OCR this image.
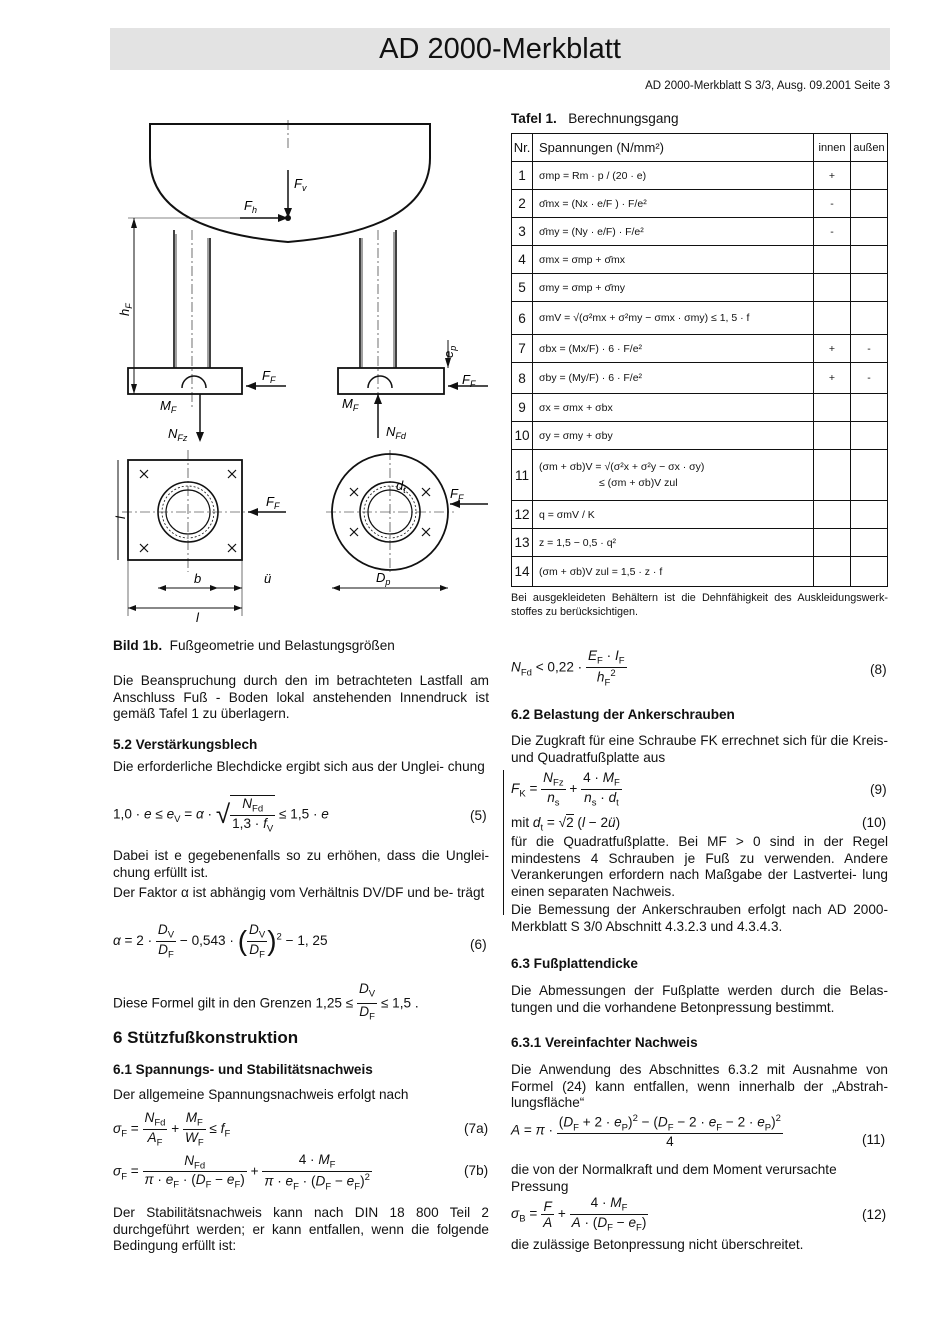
AD 2000-Merkblatt
AD 2000-Merkblatt S 3/3, Ausg. 09.2001 Seite 3
$F_v$
$F_h$
$h_F$
$e_p$
$F_F$	$F_F$
$M_F$	$M_F$
$N_{Fz}$	$N_{Fd}$
$F_F$
l
b	ü
l
$d_t$	$F_F$
$D_p$
Bild 1b. Fußgeometrie und Belastungsgrößen
Die Beanspruchung durch den im betrachteten Lastfall am Anschluss Fuß - Boden lokal anstehenden Innendruck ist gemäß Tafel 1 zu überlagern.
5.2 Verstärkungsblech
Die erforderliche Blechdicke ergibt sich aus der Unglei- chung
$1,0 \cdot e \le e_V = \alpha$ · √ $\frac{N_{Fd}}{1,3 \cdot f_V} \le 1,5 \cdot e$	(5)
Dabei ist e gegebenenfalls so zu erhöhen, dass die Unglei- chung erfüllt ist.
Der Faktor α ist abhängig vom Verhältnis DV/DF und be- trägt
$\alpha = 2 \cdot \frac{D_V}{D_F} - 0,543$ · ( $\frac{D_V}{D_F} )^2 - 1$, 25	(6)
Diese Formel gilt in den Grenzen $1,25 \le \frac{D_V}{D_F} \le 1,5$ .
6 Stützfußkonstruktion
6.1 Spannungs- und Stabilitätsnachweis
Der allgemeine Spannungsnachweis erfolgt nach
$\sigma_F = \frac{N_{Fd}}{A_F} + \frac{M_F}{W_F} \le f_F$	(7a)
$\sigma_F = \frac{N_{Fd}}{\pi \cdot e_F \cdot (D_F - e_F)} + \frac{4 \cdot M_F}{\pi \cdot e_F \cdot (D_F - e_F)^2}$	(7b)
Der Stabilitätsnachweis kann nach DIN 18 800 Teil 2 durchgeführt werden; er kann entfallen, wenn die folgende Bedingung erfüllt ist:
Tafel 1. Berechnungsgang
Nr.	Spannungen (N/mm²)	innen	außen
1	σmp = Rm · p / (20 · e)	+	
2	σ̄mx = (Nx · e/F ) · F/e²	-	
3	σ̄my = (Ny · e/F) · F/e²	-	
4	σmx = σmp + σ̄mx		
5	σmy = σmp + σ̄my		
6	σmV = √(σ²mx + σ²my − σmx · σmy) ≤ 1, 5 · f		
7	σbx = (Mx/F) · 6 · F/e²	+	-
8	σby = (My/F) · 6 · F/e²	+	-
9	σx = σmx + σbx		
10	σy = σmy + σby		
11	(σm + σb)V = √(σ²x + σ²y − σx · σy)
≤ (σm + σb)V zul		

12	q = σmV / K		
13	z = 1,5 − 0,5 · q²		
14	(σm + σb)V zul = 1,5 · z · f		
Bei ausgekleideten Behältern ist die Dehnfähigkeit des Auskleidungswerk- stoffes zu berücksichtigen.
$N_{Fd} < 0,22 \cdot \frac{E_F \cdot I_F}{h_F^2}$	(8)
6.2 Belastung der Ankerschrauben
Die Zugkraft für eine Schraube FK errechnet sich für die Kreis- und Quadratfußplatte aus
$F_K = \frac{N_{Fz}}{n_s} + \frac{4 \cdot M_F}{n_s \cdot d_t}$	(9)
mit $d_t = √2$ (l − 2ü)	(10)
für die Quadratfußplatte. Bei MF > 0 sind in der Regel mindestens 4 Schrauben je Fuß zu verwenden. Andere Verankerungen erfordern nach Maßgabe der Lastvertei- lung einen separaten Nachweis.
Die Bemessung der Ankerschrauben erfolgt nach AD 2000-Merkblatt S 3/0 Abschnitt 4.3.2.3 und 4.3.4.3.
6.3 Fußplattendicke
Die Abmessungen der Fußplatte werden durch die Belas- tungen und die vorhandene Betonpressung bestimmt.
6.3.1 Vereinfachter Nachweis
Die Anwendung des Abschnittes 6.3.2 mit Ausnahme von Formel (24) kann entfallen, wenn innerhalb der „Abstrah- lungsfläche“
$A = \pi \cdot \frac{(D_F + 2 \cdot e_P)^2 - (D_F - 2 \cdot e_F - 2 \cdot e_P)^2}{4}$	(11)
die von der Normalkraft und dem Moment verursachte Pressung
$\sigma_B = \frac{F}{A} + \frac{4 \cdot M_F}{A \cdot (D_F - e_F)}$	(12)
die zulässige Betonpressung nicht überschreitet.
